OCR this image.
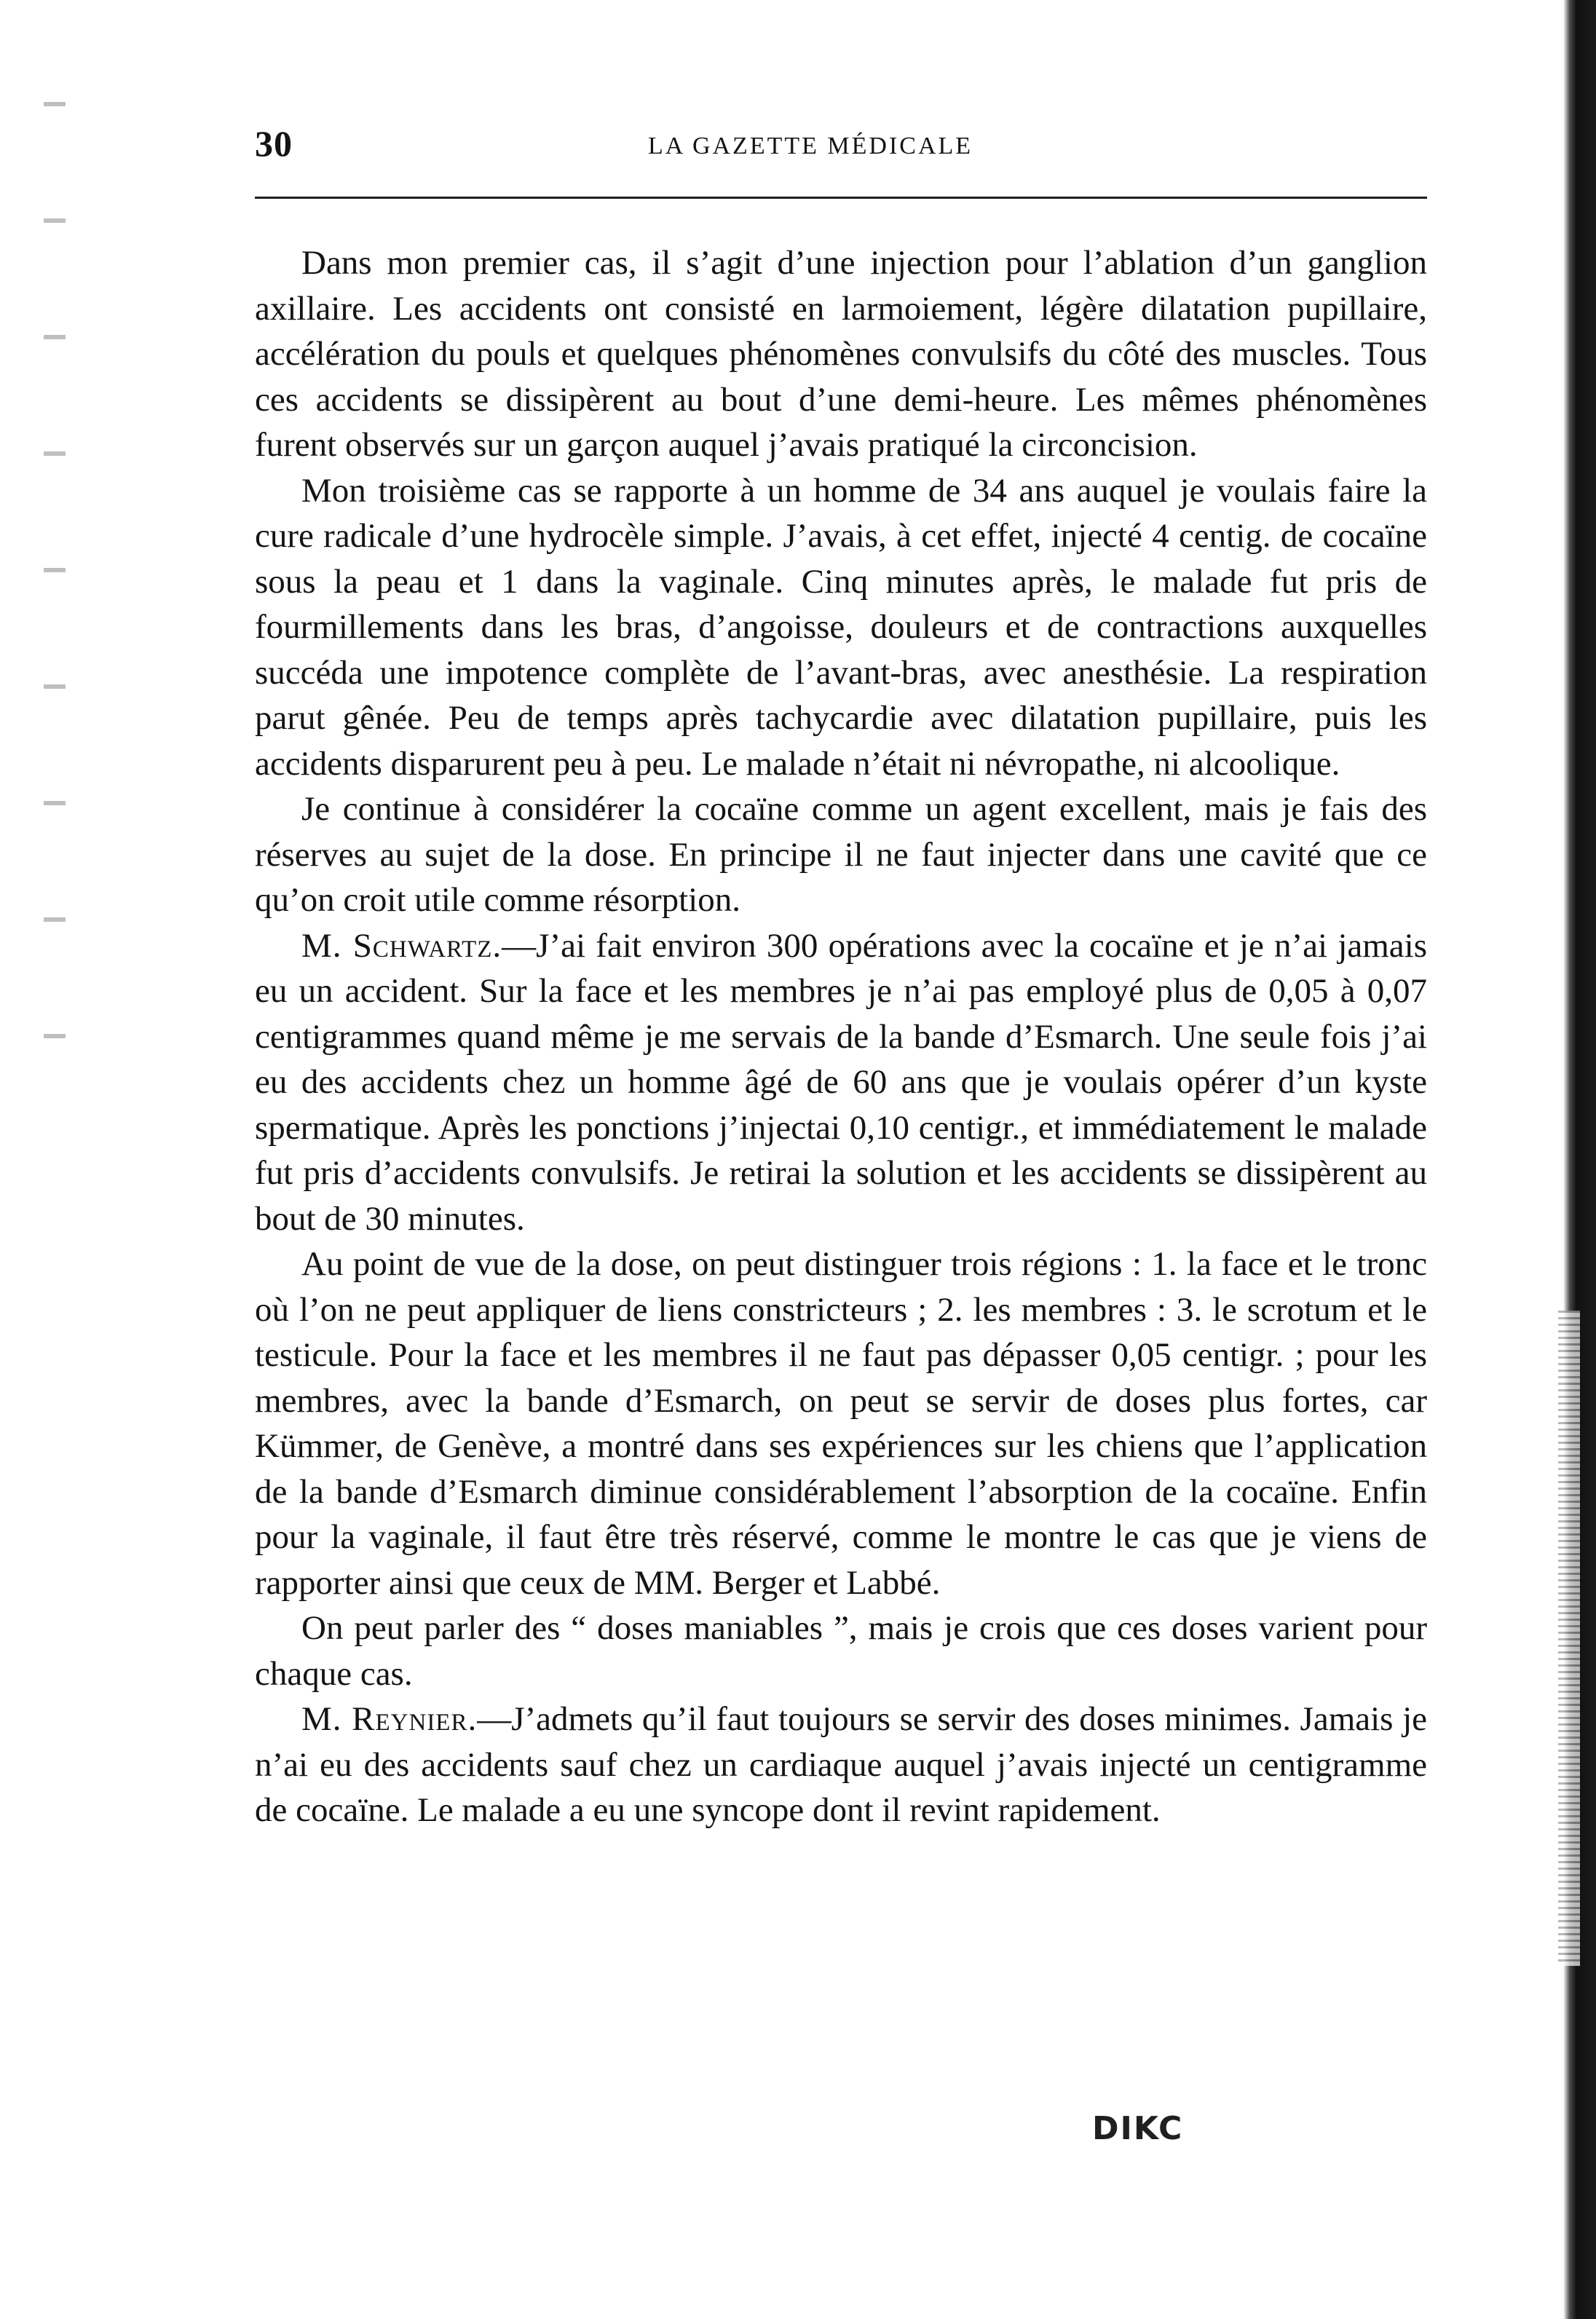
30	LA GAZETTE MÉDICALE

Dans mon premier cas, il s’agit d’une injection pour l’ablation d’un ganglion axillaire. Les accidents ont consisté en larmoiement, légère dilatation pupillaire, accélération du pouls et quelques phénomènes convulsifs du côté des muscles. Tous ces accidents se dissipèrent au bout d’une demi-heure. Les mêmes phénomènes furent observés sur un garçon auquel j’avais pratiqué la circoncision.

Mon troisième cas se rapporte à un homme de 34 ans auquel je voulais faire la cure radicale d’une hydrocèle simple. J’avais, à cet effet, injecté 4 centig. de cocaïne sous la peau et 1 dans la vaginale. Cinq minutes après, le malade fut pris de fourmillements dans les bras, d’angoisse, douleurs et de contractions auxquelles succéda une impotence complète de l’avant-bras, avec anesthésie. La respiration parut gênée. Peu de temps après tachycardie avec dilatation pupillaire, puis les accidents disparurent peu à peu. Le malade n’était ni névropathe, ni alcoolique.

Je continue à considérer la cocaïne comme un agent excellent, mais je fais des réserves au sujet de la dose. En principe il ne faut injecter dans une cavité que ce qu’on croit utile comme résorption.

M. Schwartz.—J’ai fait environ 300 opérations avec la cocaïne et je n’ai jamais eu un accident. Sur la face et les membres je n’ai pas employé plus de 0,05 à 0,07 centigrammes quand même je me servais de la bande d’Esmarch. Une seule fois j’ai eu des accidents chez un homme âgé de 60 ans que je voulais opérer d’un kyste spermatique. Après les ponctions j’injectai 0,10 centigr., et immédiatement le malade fut pris d’accidents convulsifs. Je retirai la solution et les accidents se dissipèrent au bout de 30 minutes.

Au point de vue de la dose, on peut distinguer trois régions : 1. la face et le tronc où l’on ne peut appliquer de liens constricteurs ; 2. les membres : 3. le scrotum et le testicule. Pour la face et les membres il ne faut pas dépasser 0,05 centigr. ; pour les membres, avec la bande d’Esmarch, on peut se servir de doses plus fortes, car Kümmer, de Genève, a montré dans ses expériences sur les chiens que l’application de la bande d’Esmarch diminue considérablement l’absorption de la cocaïne. Enfin pour la vaginale, il faut être très réservé, comme le montre le cas que je viens de rapporter ainsi que ceux de MM. Berger et Labbé.

On peut parler des “ doses maniables ”, mais je crois que ces doses varient pour chaque cas.

M. Reynier.—J’admets qu’il faut toujours se servir des doses minimes. Jamais je n’ai eu des accidents sauf chez un cardiaque auquel j’avais injecté un centigramme de cocaïne. Le malade a eu une syncope dont il revint rapidement.

DIKC
